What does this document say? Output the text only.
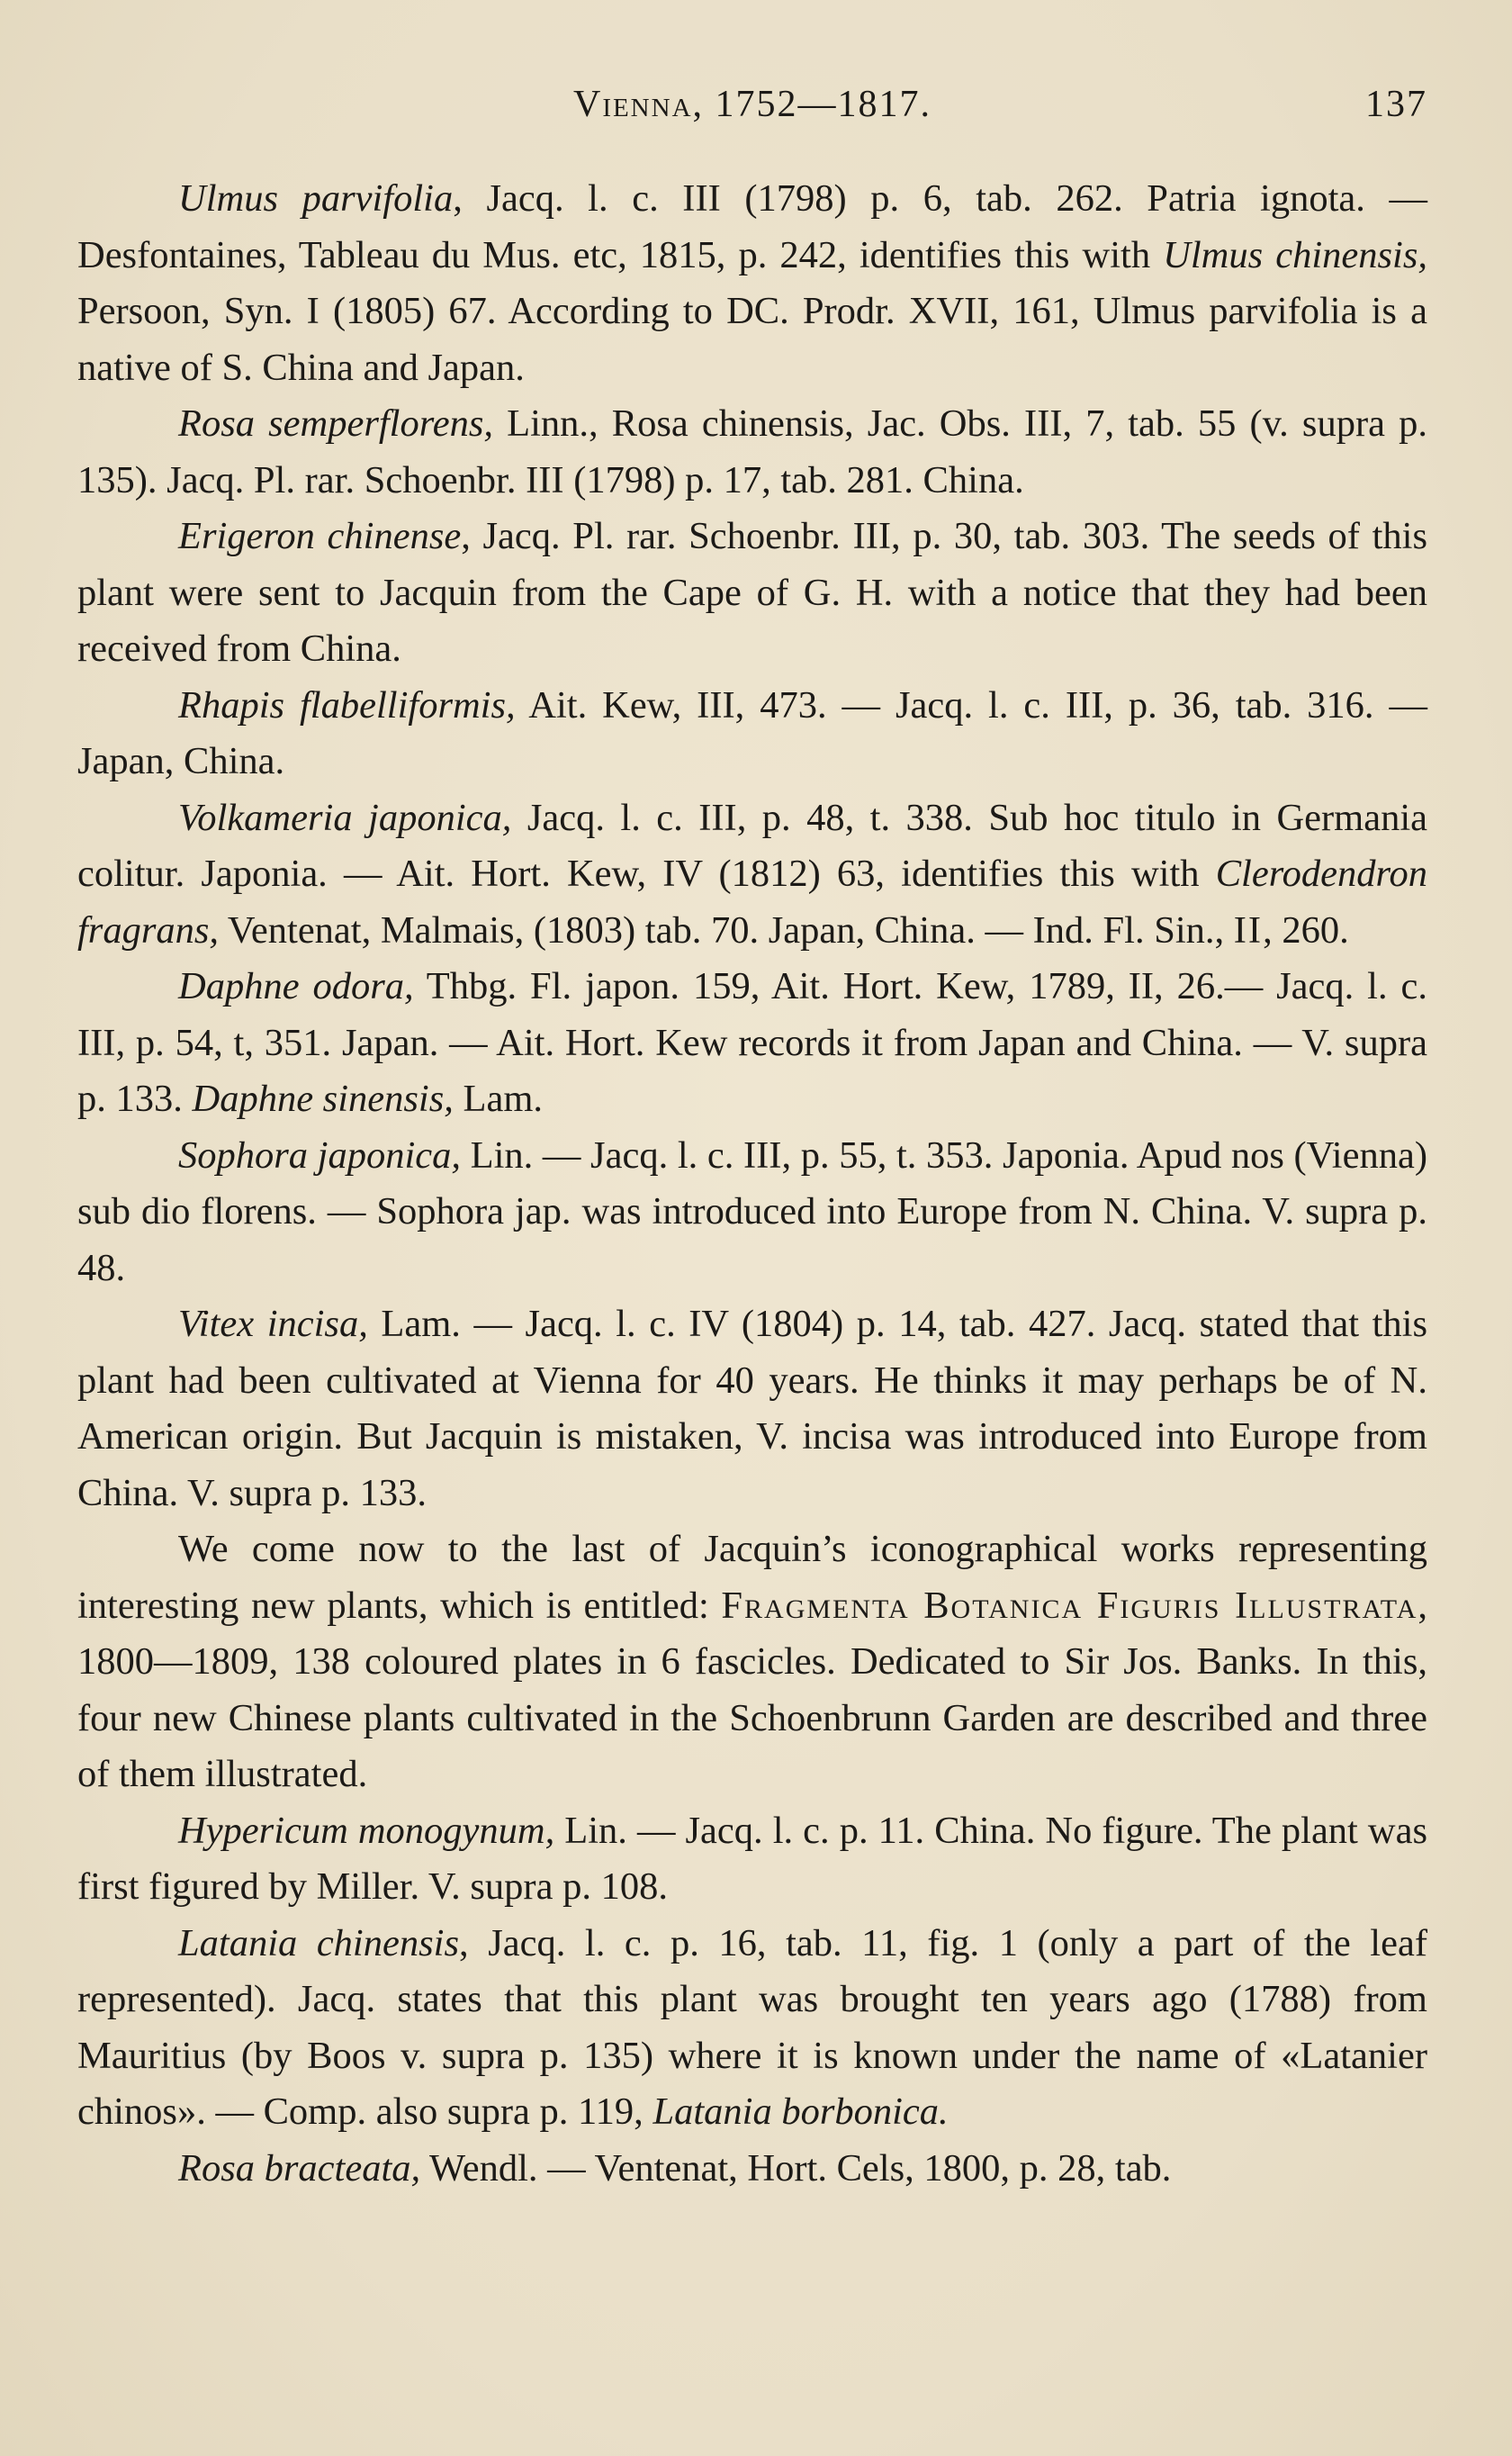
Vienna, 1752—1817.	137

Ulmus parvifolia, Jacq. l. c. III (1798) p. 6, tab. 262. Patria ignota. — Desfontaines, Tableau du Mus. etc, 1815, p. 242, identifies this with Ulmus chinensis, Persoon, Syn. I (1805) 67. According to DC. Prodr. XVII, 161, Ulmus parvifolia is a native of S. China and Japan.

Rosa semperflorens, Linn., Rosa chinensis, Jac. Obs. III, 7, tab. 55 (v. supra p. 135). Jacq. Pl. rar. Schoenbr. III (1798) p. 17, tab. 281. China.

Erigeron chinense, Jacq. Pl. rar. Schoenbr. III, p. 30, tab. 303. The seeds of this plant were sent to Jacquin from the Cape of G. H. with a notice that they had been received from China.

Rhapis flabelliformis, Ait. Kew, III, 473. — Jacq. l. c. III, p. 36, tab. 316. — Japan, China.

Volkameria japonica, Jacq. l. c. III, p. 48, t. 338. Sub hoc titulo in Germania colitur. Japonia. — Ait. Hort. Kew, IV (1812) 63, identifies this with Clerodendron fragrans, Ventenat, Malmais, (1803) tab. 70. Japan, China. — Ind. Fl. Sin., II, 260.

Daphne odora, Thbg. Fl. japon. 159, Ait. Hort. Kew, 1789, II, 26.— Jacq. l. c. III, p. 54, t, 351. Japan. — Ait. Hort. Kew records it from Japan and China. — V. supra p. 133. Daphne sinensis, Lam.

Sophora japonica, Lin. — Jacq. l. c. III, p. 55, t. 353. Japonia. Apud nos (Vienna) sub dio florens. — Sophora jap. was introduced into Europe from N. China. V. supra p. 48.

Vitex incisa, Lam. — Jacq. l. c. IV (1804) p. 14, tab. 427. Jacq. stated that this plant had been cultivated at Vienna for 40 years. He thinks it may perhaps be of N. American origin. But Jacquin is mistaken, V. incisa was introduced into Europe from China. V. supra p. 133.

We come now to the last of Jacquin’s iconographical works representing interesting new plants, which is entitled: Fragmenta Botanica Figuris Illustrata, 1800—1809, 138 coloured plates in 6 fascicles. Dedicated to Sir Jos. Banks. In this, four new Chinese plants cultivated in the Schoenbrunn Garden are described and three of them illustrated.

Hypericum monogynum, Lin. — Jacq. l. c. p. 11. China. No figure. The plant was first figured by Miller. V. supra p. 108.

Latania chinensis, Jacq. l. c. p. 16, tab. 11, fig. 1 (only a part of the leaf represented). Jacq. states that this plant was brought ten years ago (1788) from Mauritius (by Boos v. supra p. 135) where it is known under the name of «Latanier chinos». — Comp. also supra p. 119, Latania borbonica.

Rosa bracteata, Wendl. — Ventenat, Hort. Cels, 1800, p. 28, tab.
